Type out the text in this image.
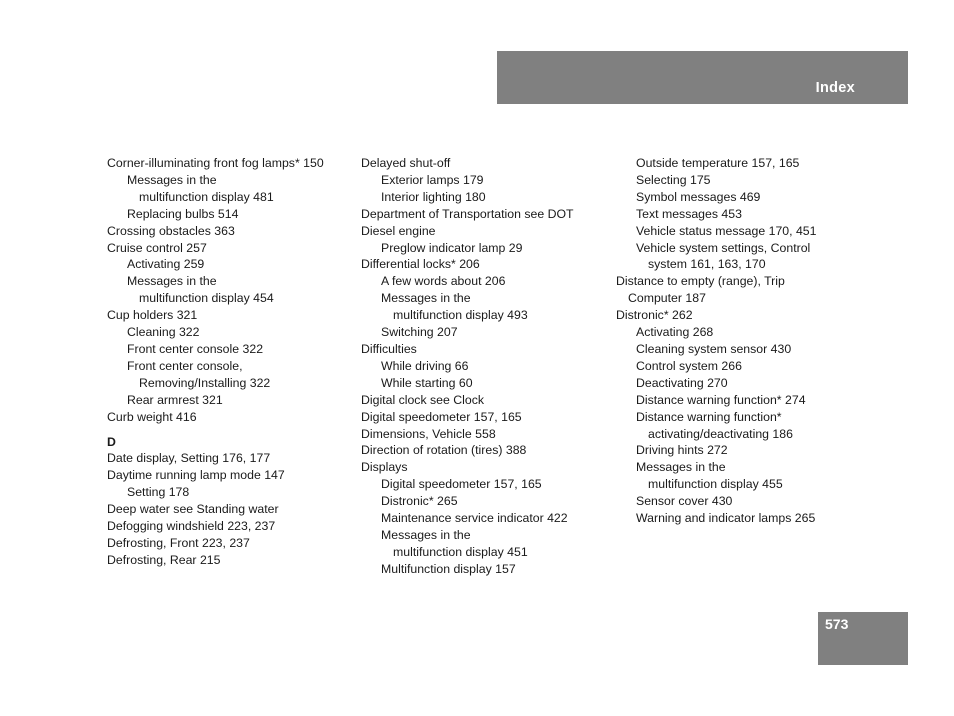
Index
Corner-illuminating front fog lamps* 150
Messages in the
multifunction display 481
Replacing bulbs 514
Crossing obstacles 363
Cruise control 257
Activating 259
Messages in the
multifunction display 454
Cup holders 321
Cleaning 322
Front center console 322
Front center console,
Removing/Installing 322
Rear armrest 321
Curb weight 416
D
Date display, Setting 176, 177
Daytime running lamp mode 147
Setting 178
Deep water see Standing water
Defogging windshield 223, 237
Defrosting, Front 223, 237
Defrosting, Rear 215
Delayed shut-off
Exterior lamps 179
Interior lighting 180
Department of Transportation see DOT
Diesel engine
Preglow indicator lamp 29
Differential locks* 206
A few words about 206
Messages in the
multifunction display 493
Switching 207
Difficulties
While driving 66
While starting 60
Digital clock see Clock
Digital speedometer 157, 165
Dimensions, Vehicle 558
Direction of rotation (tires) 388
Displays
Digital speedometer 157, 165
Distronic* 265
Maintenance service indicator 422
Messages in the
multifunction display 451
Multifunction display 157
Outside temperature 157, 165
Selecting 175
Symbol messages 469
Text messages 453
Vehicle status message 170, 451
Vehicle system settings, Control
system 161, 163, 170
Distance to empty (range), Trip
Computer 187
Distronic* 262
Activating 268
Cleaning system sensor 430
Control system 266
Deactivating 270
Distance warning function* 274
Distance warning function*
activating/deactivating 186
Driving hints 272
Messages in the
multifunction display 455
Sensor cover 430
Warning and indicator lamps 265
573
